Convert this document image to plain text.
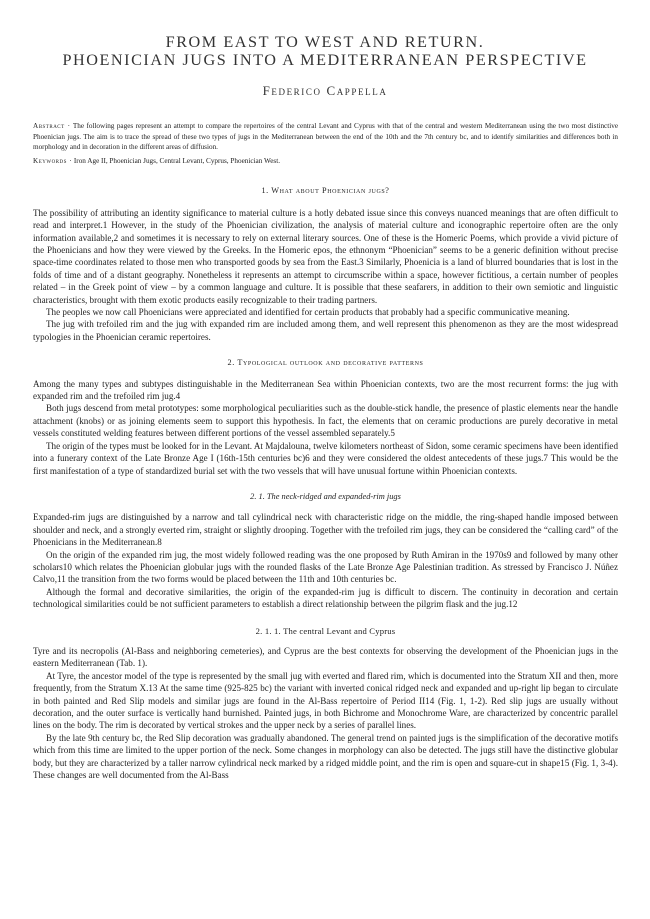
FROM EAST TO WEST AND RETURN.
PHOENICIAN JUGS INTO A MEDITERRANEAN PERSPECTIVE
Federico Cappella

Abstract · The following pages represent an attempt to compare the repertoires of the central Levant and Cyprus with that of the central and western Mediterranean using the two most distinctive Phoenician jugs. The aim is to trace the spread of these two types of jugs in the Mediterranean between the end of the 10th and the 7th century bc, and to identify similarities and differences both in morphology and in decoration in the different areas of diffusion.

Keywords · Iron Age II, Phoenician Jugs, Central Levant, Cyprus, Phoenician West.

1. What about Phoenician jugs?

The possibility of attributing an identity significance to material culture is a hotly debated issue since this conveys nuanced meanings that are often difficult to read and interpret.1 However, in the study of the Phoenician civilization, the analysis of material culture and iconographic repertoire often are the only information available,2 and sometimes it is necessary to rely on external literary sources. One of these is the Homeric Poems, which provide a vivid picture of the Phoenicians and how they were viewed by the Greeks. In the Homeric epos, the ethnonym “Phoenician” seems to be a generic definition without precise space-time coordinates related to those men who transported goods by sea from the East.3 Similarly, Phoenicia is a land of blurred boundaries that is lost in the folds of time and of a distant geography. Nonetheless it represents an attempt to circumscribe within a space, however fictitious, a certain number of peoples related – in the Greek point of view – by a common language and culture. It is possible that these seafarers, in addition to their own semiotic and linguistic characteristics, brought with them exotic products easily recognizable to their trading partners.

The peoples we now call Phoenicians were appreciated and identified for certain products that probably had a specific communicative meaning.

The jug with trefoiled rim and the jug with expanded rim are included among them, and well represent this phenomenon as they are the most widespread typologies in the Phoenician ceramic repertoires.

2. Typological outlook and decorative patterns

Among the many types and subtypes distinguishable in the Mediterranean Sea within Phoenician contexts, two are the most recurrent forms: the jug with expanded rim and the trefoiled rim jug.4

Both jugs descend from metal prototypes: some morphological peculiarities such as the double-stick handle, the presence of plastic elements near the handle attachment (knobs) or as joining elements seem to support this hypothesis. In fact, the elements that on ceramic productions are purely decorative in metal vessels constituted welding features between different portions of the vessel assembled separately.5

The origin of the types must be looked for in the Levant. At Majdalouna, twelve kilometers northeast of Sidon, some ceramic specimens have been identified into a funerary context of the Late Bronze Age I (16th-15th centuries bc)6 and they were considered the oldest antecedents of these jugs.7 This would be the first manifestation of a type of standardized burial set with the two vessels that will have unusual fortune within Phoenician contexts.

2. 1. The neck-ridged and expanded-rim jugs

Expanded-rim jugs are distinguished by a narrow and tall cylindrical neck with characteristic ridge on the middle, the ring-shaped handle imposed between shoulder and neck, and a strongly everted rim, straight or slightly drooping. Together with the trefoiled rim jugs, they can be considered the “calling card” of the Phoenicians in the Mediterranean.8

On the origin of the expanded rim jug, the most widely followed reading was the one proposed by Ruth Amiran in the 1970s9 and followed by many other scholars10 which relates the Phoenician globular jugs with the rounded flasks of the Late Bronze Age Palestinian tradition. As stressed by Francisco J. Núñez Calvo,11 the transition from the two forms would be placed between the 11th and 10th centuries bc.

Although the formal and decorative similarities, the origin of the expanded-rim jug is difficult to discern. The continuity in decoration and certain technological similarities could be not sufficient parameters to establish a direct relationship between the pilgrim flask and the jug.12

2. 1. 1. The central Levant and Cyprus

Tyre and its necropolis (Al-Bass and neighboring cemeteries), and Cyprus are the best contexts for observing the development of the Phoenician jugs in the eastern Mediterranean (Tab. 1).

At Tyre, the ancestor model of the type is represented by the small jug with everted and flared rim, which is documented into the Stratum XII and then, more frequently, from the Stratum X.13 At the same time (925-825 bc) the variant with inverted conical ridged neck and expanded and up-right lip began to circulate in both painted and Red Slip models and similar jugs are found in the Al-Bass repertoire of Period II14 (Fig. 1, 1-2). Red slip jugs are usually without decoration, and the outer surface is vertically hand burnished. Painted jugs, in both Bichrome and Monochrome Ware, are characterized by concentric parallel lines on the body. The rim is decorated by vertical strokes and the upper neck by a series of parallel lines.

By the late 9th century bc, the Red Slip decoration was gradually abandoned. The general trend on painted jugs is the simplification of the decorative motifs which from this time are limited to the upper portion of the neck. Some changes in morphology can also be detected. The jugs still have the distinctive globular body, but they are characterized by a taller narrow cylindrical neck marked by a ridged middle point, and the rim is open and square-cut in shape15 (Fig. 1, 3-4). These changes are well documented from the Al-Bass
